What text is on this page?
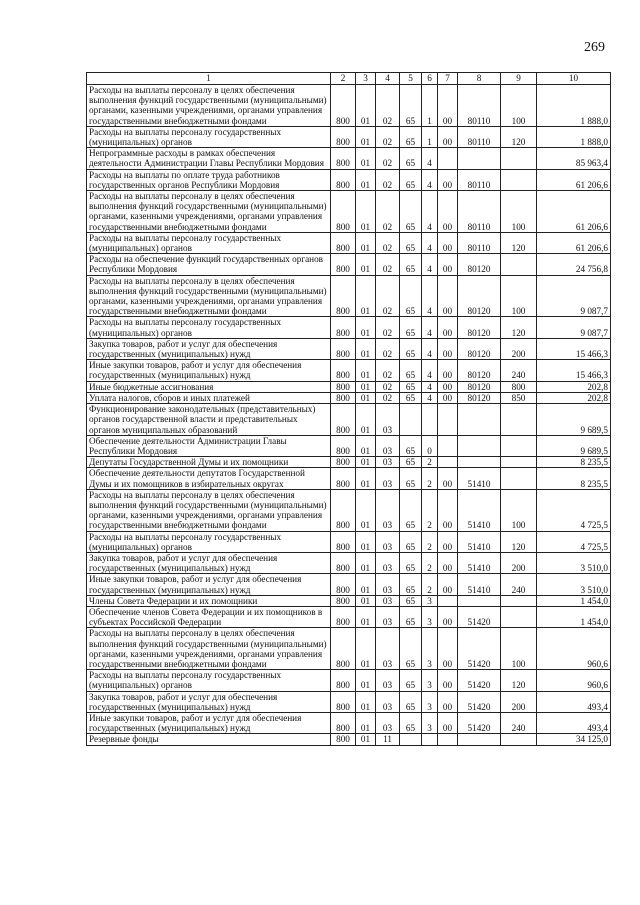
269
1	2	3	4	5	6	7	8	9	10
Расходы на выплаты персоналу в целях обеспечения выполнения функций государственными (муниципальными) органами, казенными учреждениями, органами управления государственными внебюджетными фондами	800	01	02	65	1	00	80110	100	1 888,0
Расходы на выплаты персоналу государственных (муниципальных) органов	800	01	02	65	1	00	80110	120	1 888,0
Непрограммные расходы в рамках обеспечения деятельности Администрации Главы Республики Мордовия	800	01	02	65	4				85 963,4
Расходы на выплаты по оплате труда работников государственных органов Республики Мордовия	800	01	02	65	4	00	80110		61 206,6
Расходы на выплаты персоналу в целях обеспечения выполнения функций государственными (муниципальными) органами, казенными учреждениями, органами управления государственными внебюджетными фондами	800	01	02	65	4	00	80110	100	61 206,6
Расходы на выплаты персоналу государственных (муниципальных) органов	800	01	02	65	4	00	80110	120	61 206,6
Расходы на обеспечение функций государственных органов Республики Мордовия	800	01	02	65	4	00	80120		24 756,8
Расходы на выплаты персоналу в целях обеспечения выполнения функций государственными (муниципальными) органами, казенными учреждениями, органами управления государственными внебюджетными фондами	800	01	02	65	4	00	80120	100	9 087,7
Расходы на выплаты персоналу государственных (муниципальных) органов	800	01	02	65	4	00	80120	120	9 087,7
Закупка товаров, работ и услуг для обеспечения государственных (муниципальных) нужд	800	01	02	65	4	00	80120	200	15 466,3
Иные закупки товаров, работ и услуг для обеспечения государственных (муниципальных) нужд	800	01	02	65	4	00	80120	240	15 466,3
Иные бюджетные ассигнования	800	01	02	65	4	00	80120	800	202,8
Уплата налогов, сборов и иных платежей	800	01	02	65	4	00	80120	850	202,8
Функционирование законодательных (представительных) органов государственной власти и представительных органов муниципальных образований	800	01	03						9 689,5
Обеспечение деятельности Администрации Главы Республики Мордовия	800	01	03	65	0				9 689,5
Депутаты Государственной Думы и их помощники	800	01	03	65	2				8 235,5
Обеспечение деятельности депутатов Государственной Думы и их помощников в избирательных округах	800	01	03	65	2	00	51410		8 235,5
Расходы на выплаты персоналу в целях обеспечения выполнения функций государственными (муниципальными) органами, казенными учреждениями, органами управления государственными внебюджетными фондами	800	01	03	65	2	00	51410	100	4 725,5
Расходы на выплаты персоналу государственных (муниципальных) органов	800	01	03	65	2	00	51410	120	4 725,5
Закупка товаров, работ и услуг для обеспечения государственных (муниципальных) нужд	800	01	03	65	2	00	51410	200	3 510,0
Иные закупки товаров, работ и услуг для обеспечения государственных (муниципальных) нужд	800	01	03	65	2	00	51410	240	3 510,0
Члены Совета Федерации и их помощники	800	01	03	65	3				1 454,0
Обеспечение членов Совета Федерации и их помощников в субъектах Российской Федерации	800	01	03	65	3	00	51420		1 454,0
Расходы на выплаты персоналу в целях обеспечения выполнения функций государственными (муниципальными) органами, казенными учреждениями, органами управления государственными внебюджетными фондами	800	01	03	65	3	00	51420	100	960,6
Расходы на выплаты персоналу государственных (муниципальных) органов	800	01	03	65	3	00	51420	120	960,6
Закупка товаров, работ и услуг для обеспечения государственных (муниципальных) нужд	800	01	03	65	3	00	51420	200	493,4
Иные закупки товаров, работ и услуг для обеспечения государственных (муниципальных) нужд	800	01	03	65	3	00	51420	240	493,4
Резервные фонды	800	01	11						34 125,0
